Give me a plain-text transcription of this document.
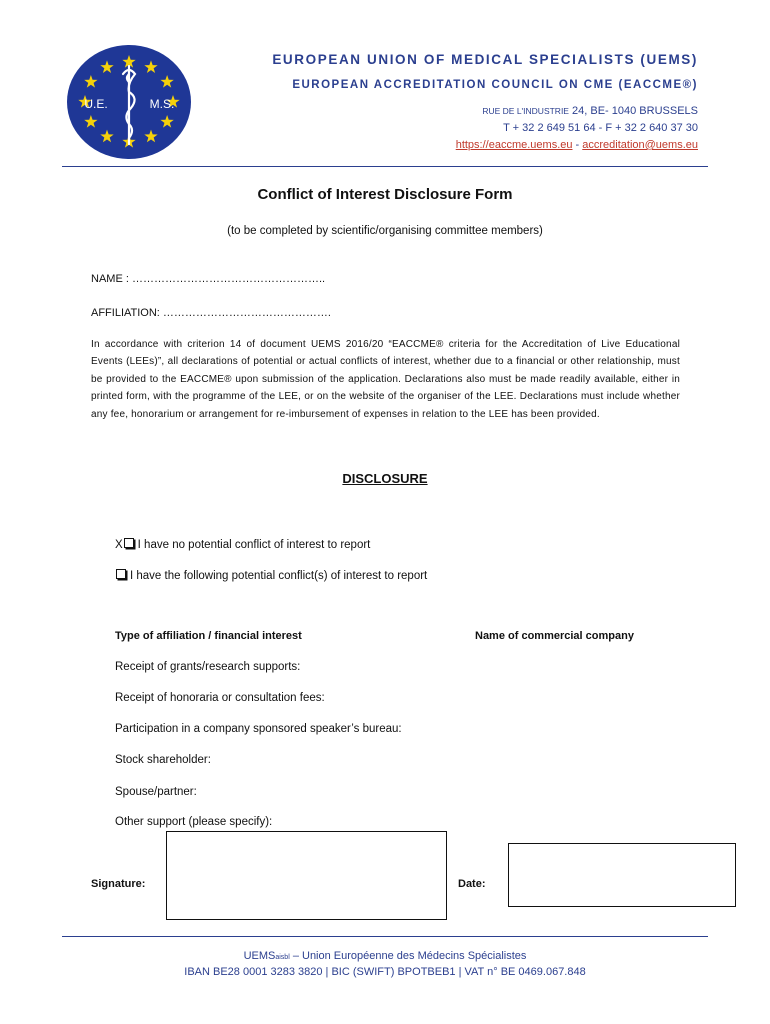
U.E.	M.S.
EUROPEAN UNION OF MEDICAL SPECIALISTS (UEMS)
EUROPEAN ACCREDITATION COUNCIL ON CME (EACCME®)
RUE DE L'INDUSTRIE 24, BE- 1040 BRUSSELS
T + 32 2 649 51 64 - F + 32 2 640 37 30
https://eaccme.uems.eu - accreditation@uems.eu
Conflict of Interest Disclosure Form
(to be completed by scientific/organising committee members)
NAME : ……………………………………………..
AFFILIATION: ……………………………………….
In accordance with criterion 14 of document UEMS 2016/20 “EACCME® criteria for the Accreditation of Live Educational Events (LEEs)”, all declarations of potential or actual conflicts of interest, whether due to a financial or other relationship, must be provided to the EACCME® upon submission of the application. Declarations also must be made readily available, either in printed form, with the programme of the LEE, or on the website of the organiser of the LEE. Declarations must include whether any fee, honorarium or arrangement for re-imbursement of expenses in relation to the LEE has been provided.
DISCLOSURE
X I have no potential conflict of interest to report
I have the following potential conflict(s) of interest to report
Type of affiliation / financial interest	Name of commercial company
Receipt of grants/research supports:
Receipt of honoraria or consultation fees:
Participation in a company sponsored speaker’s bureau:
Stock shareholder:
Spouse/partner:
Other support (please specify):
Signature:	Date:
UEMSaisbl – Union Européenne des Médecins Spécialistes
IBAN BE28 0001 3283 3820 | BIC (SWIFT) BPOTBEB1 | VAT n° BE 0469.067.848
